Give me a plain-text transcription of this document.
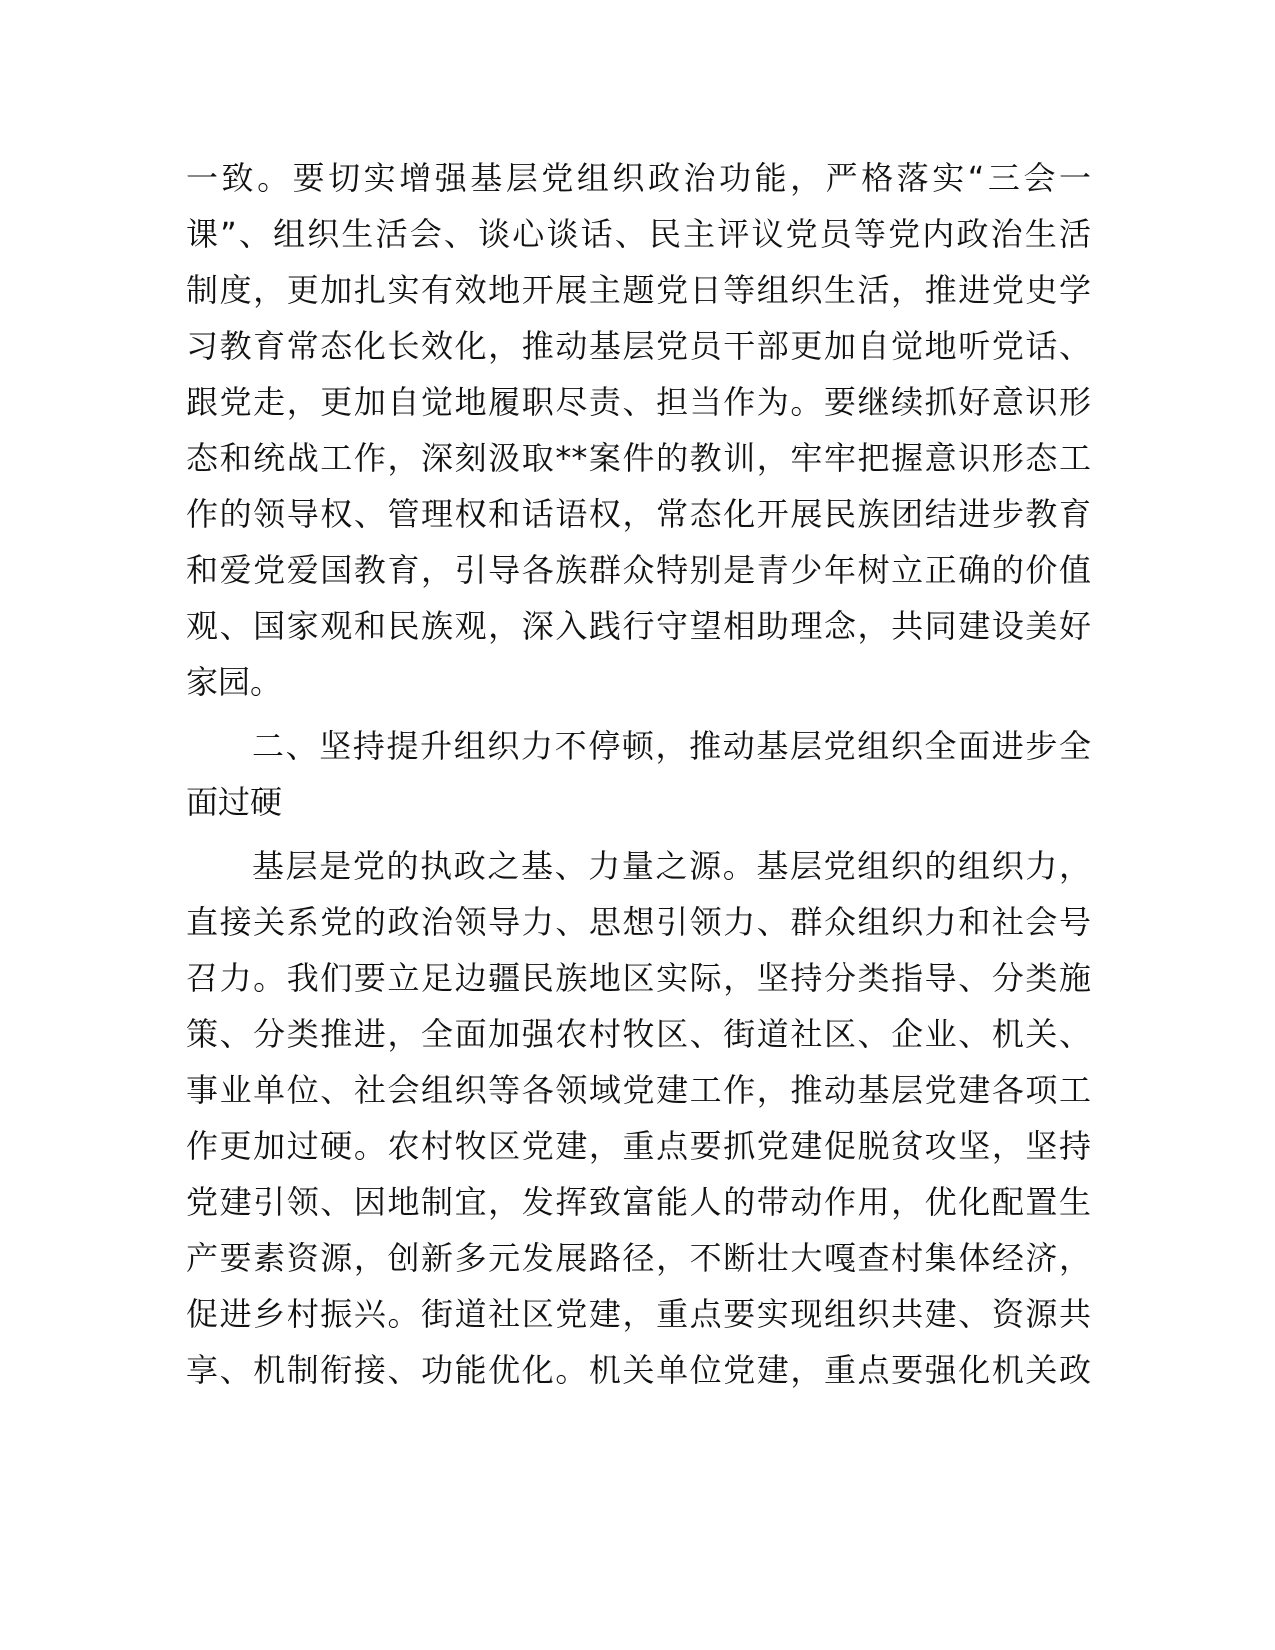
一致。要切实增强基层党组织政治功能，严格落实“三会一
课”、组织生活会、谈心谈话、民主评议党员等党内政治生活
制度，更加扎实有效地开展主题党日等组织生活，推进党史学
习教育常态化长效化，推动基层党员干部更加自觉地听党话、
跟党走，更加自觉地履职尽责、担当作为。要继续抓好意识形
态和统战工作，深刻汲取**案件的教训，牢牢把握意识形态工
作的领导权、管理权和话语权，常态化开展民族团结进步教育
和爱党爱国教育，引导各族群众特别是青少年树立正确的价值
观、国家观和民族观，深入践行守望相助理念，共同建设美好
家园。
二、坚持提升组织力不停顿，推动基层党组织全面进步全
面过硬
基层是党的执政之基、力量之源。基层党组织的组织力，
直接关系党的政治领导力、思想引领力、群众组织力和社会号
召力。我们要立足边疆民族地区实际，坚持分类指导、分类施
策、分类推进，全面加强农村牧区、街道社区、企业、机关、
事业单位、社会组织等各领域党建工作，推动基层党建各项工
作更加过硬。农村牧区党建，重点要抓党建促脱贫攻坚，坚持
党建引领、因地制宜，发挥致富能人的带动作用，优化配置生
产要素资源，创新多元发展路径，不断壮大嘎查村集体经济，
促进乡村振兴。街道社区党建，重点要实现组织共建、资源共
享、机制衔接、功能优化。机关单位党建，重点要强化机关政
